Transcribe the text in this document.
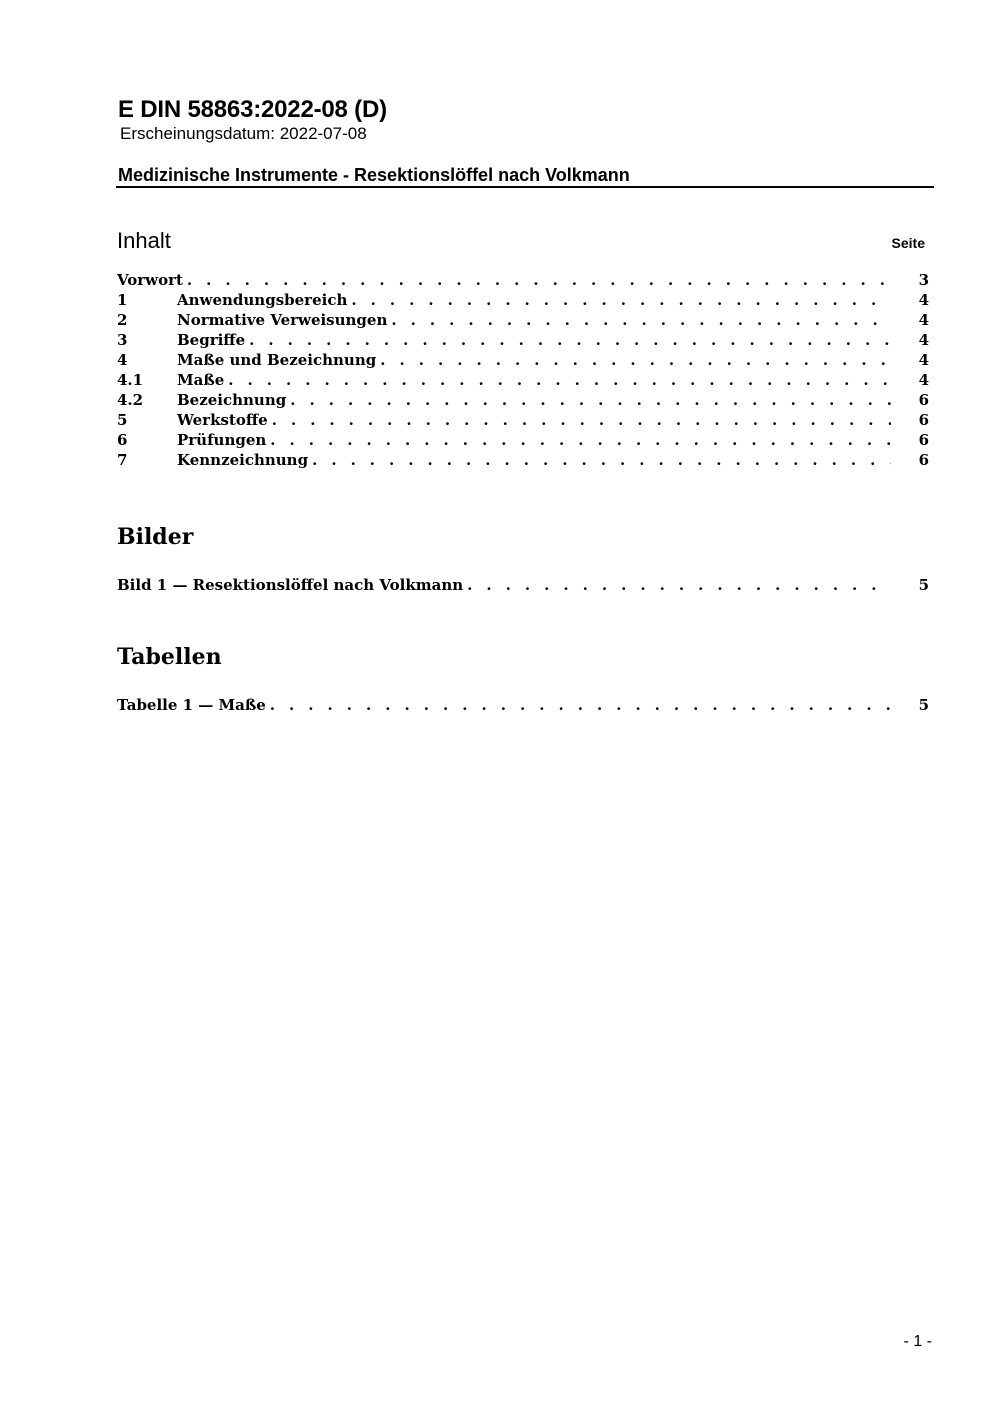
E DIN 58863:2022-08 (D)
Erscheinungsdatum: 2022-07-08
Medizinische Instrumente - Resektionslöffel nach Volkmann
Inhalt	Seite
Vorwort . . .	3
1	Anwendungsbereich . . .	4
2	Normative Verweisungen . . .	4
3	Begriffe . . .	4
4	Maße und Bezeichnung . . .	4
4.1	Maße . . .	4
4.2	Bezeichnung . . .	6
5	Werkstoffe . . .	6
6	Prüfungen . . .	6
7	Kennzeichnung . . .	6
Bilder
Bild 1 — Resektionslöffel nach Volkmann . . .	5
Tabellen
Tabelle 1 — Maße . . .	5
- 1 -
